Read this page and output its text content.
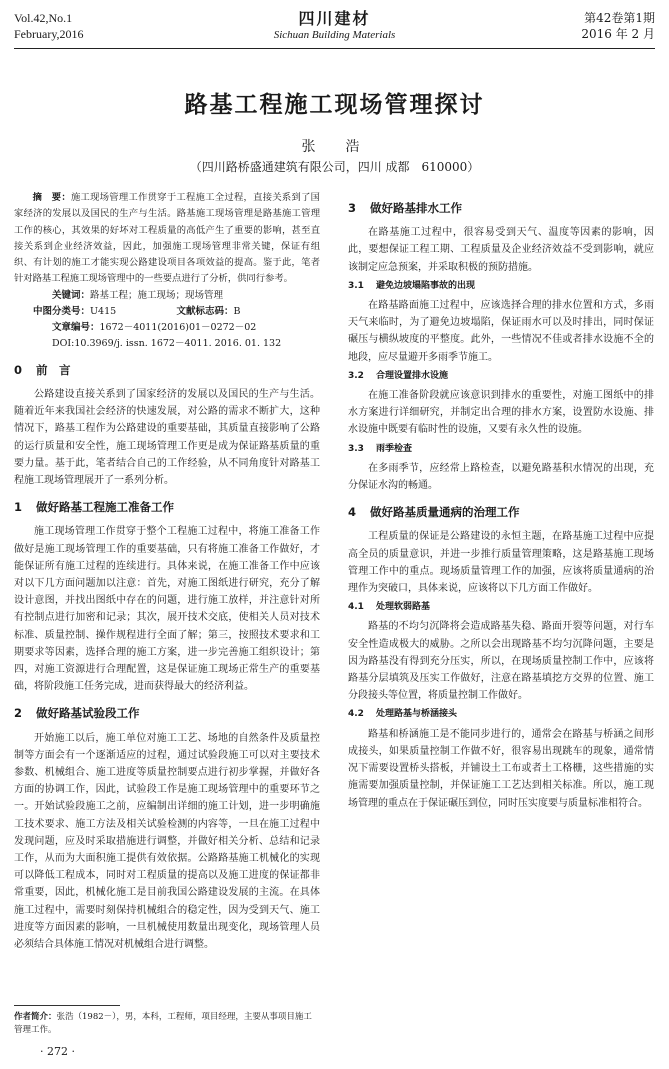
Vol.42,No.1
February,2016
四川建材
Sichuan Building Materials
第42卷第1期
2016 年 2 月
路基工程施工现场管理探讨
张　浩
（四川路桥盛通建筑有限公司，四川 成都　610000）

摘　要：施工现场管理工作贯穿于工程施工全过程，直接关系到了国家经济的发展以及国民的生产与生活。路基施工现场管理是路基施工管理工作的核心，其效果的好坏对工程质量的高低产生了重要的影响，甚至直接关系到企业经济效益，因此，加强施工现场管理非常关键，保证有组织、有计划的施工才能实现公路建设项目各项效益的提高。鉴于此，笔者针对路基工程施工现场管理中的一些要点进行了分析，供同行参考。

关键词：路基工程；施工现场；现场管理

中图分类号：U415	文献标志码：B

文章编号：1672－4011(2016)01－0272－02

DOI:10.3969/j. issn. 1672－4011. 2016. 01. 132

0 前　言

公路建设直接关系到了国家经济的发展以及国民的生产与生活。随着近年来我国社会经济的快速发展，对公路的需求不断扩大，这种情况下，路基工程作为公路建设的重要基础，其质量直接影响了公路的运行质量和安全性，施工现场管理工作更是成为保证路基质量的重要力量。基于此，笔者结合自己的工作经验，从不同角度针对路基工程施工现场管理展开了一系列分析。

1 做好路基工程施工准备工作

施工现场管理工作贯穿于整个工程施工过程中，将施工准备工作做好是施工现场管理工作的重要基础，只有将施工准备工作做好，才能保证所有施工过程的连续进行。具体来说，在施工准备工作中应该对以下几方面问题加以注意：首先，对施工图纸进行研究，充分了解设计意图，并找出图纸中存在的问题，进行施工放样，并注意针对所有控制点进行加密和记录；其次，展开技术交底，使相关人员对技术标准、质量控制、操作规程进行全面了解；第三，按照技术要求和工期要求等因素，选择合理的施工方案，进一步完善施工组织设计；第四，对施工资源进行合理配置，这是保证施工现场正常生产的重要基础，将阶段施工任务完成，进而获得最大的经济利益。

2 做好路基试验段工作

开始施工以后，施工单位对施工工艺、场地的自然条件及质量控制等方面会有一个逐渐适应的过程，通过试验段施工可以对主要技术参数、机械组合、施工进度等质量控制要点进行初步掌握，并做好各方面的协调工作，因此，试验段工作是施工现场管理中的重要环节之一。开始试验段施工之前，应编制出详细的施工计划，进一步明确施工技术要求、施工方法及相关试验检测的内容等，一旦在施工过程中发现问题，应及时采取措施进行调整，并做好相关分析、总结和记录工作，从而为大面积施工提供有效依据。公路路基施工机械化的实现可以降低工程成本，同时对工程质量的提高以及施工进度的保证都非常重要，因此，机械化施工是目前我国公路建设发展的主流。在具体施工过程中，需要时刻保持机械组合的稳定性，因为受到天气、施工进度等方面因素的影响，一旦机械使用数量出现变化，现场管理人员必须结合具体施工情况对机械组合进行调整。

3 做好路基排水工作

在路基施工过程中，很容易受到天气、温度等因素的影响，因此，要想保证工程工期、工程质量及企业经济效益不受到影响，就应该制定应急预案，并采取积极的预防措施。

3.1 避免边坡塌陷事故的出现

在路基路面施工过程中，应该选择合理的排水位置和方式，多雨天气来临时，为了避免边坡塌陷，保证雨水可以及时排出，同时保证碾压与横纵坡度的平整度。此外，一些情况不佳或者排水设施不全的地段，应尽量避开多雨季节施工。

3.2 合理设置排水设施

在施工准备阶段就应该意识到排水的重要性，对施工图纸中的排水方案进行详细研究，并制定出合理的排水方案，设置防水设施、排水设施中既要有临时性的设施，又要有永久性的设施。

3.3 雨季检查

在多雨季节，应经常上路检查，以避免路基积水情况的出现，充分保证水沟的畅通。

4 做好路基质量通病的治理工作

工程质量的保证是公路建设的永恒主题，在路基施工过程中应提高全员的质量意识，并进一步推行质量管理策略，这是路基施工现场管理工作中的重点。现场质量管理工作的加强，应该将质量通病的治理作为突破口，具体来说，应该将以下几方面工作做好。

4.1 处理软弱路基

路基的不均匀沉降将会造成路基失稳、路面开裂等问题，对行车安全性造成极大的威胁。之所以会出现路基不均匀沉降问题，主要是因为路基没有得到充分压实，所以，在现场质量控制工作中，应该将路基分层填筑及压实工作做好，注意在路基填挖方交界的位置、施工分段接头等位置，将质量控制工作做好。

4.2 处理路基与桥涵接头

路基和桥涵施工是不能同步进行的，通常会在路基与桥涵之间形成接头，如果质量控制工作做不好，很容易出现跳车的现象，通常情况下需要设置桥头搭板，并铺设土工布或者土工格栅，这些措施的实施需要加强质量控制，并保证施工工艺达到相关标准。所以，施工现场管理的重点在于保证碾压到位，同时压实度要与质量标准相符合。

作者简介：张浩（1982－），男，本科，工程师，项目经理，主要从事项目施工管理工作。
· 272 ·
